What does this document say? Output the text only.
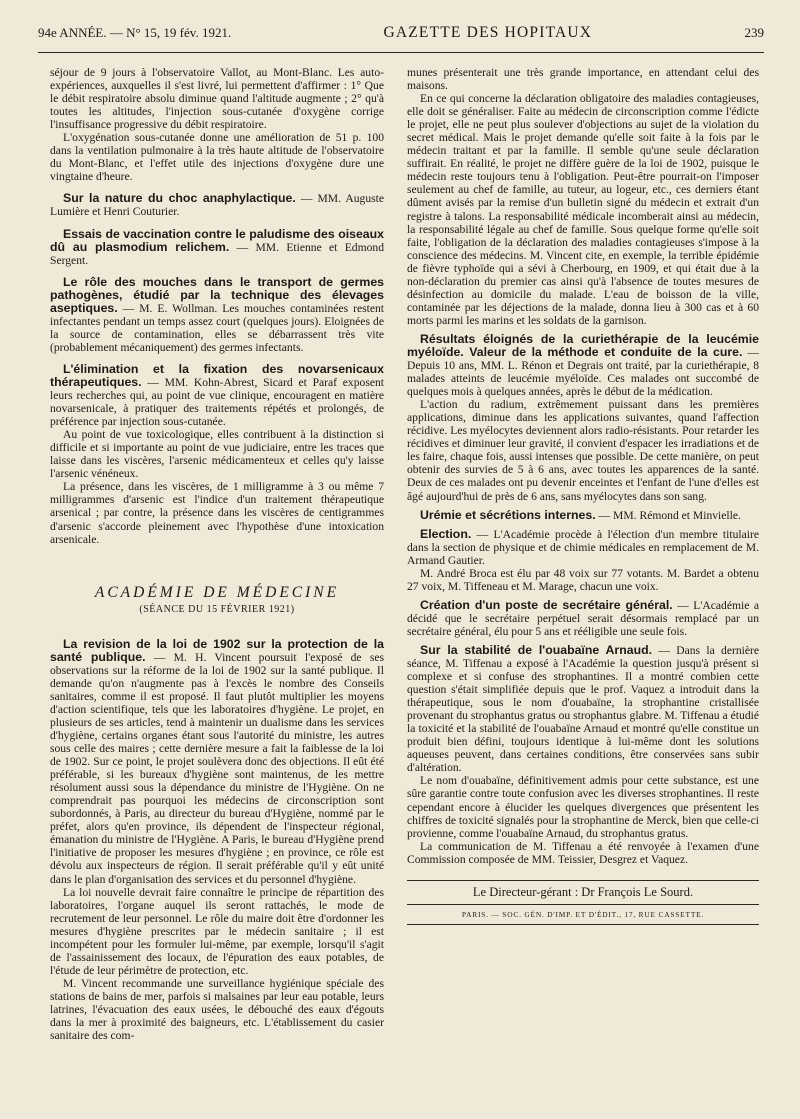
94e ANNÉE. — N° 15, 19 fév. 1921.	GAZETTE DES HOPITAUX	239

séjour de 9 jours à l'observatoire Vallot, au Mont-Blanc. Les auto-expériences, auxquelles il s'est livré, lui permettent d'affirmer : 1° Que le débit respiratoire absolu diminue quand l'altitude augmente ; 2° qu'à toutes les altitudes, l'injection sous-cutanée d'oxygène corrige l'insuffisance progressive du débit respiratoire.

L'oxygénation sous-cutanée donne une amélioration de 51 p. 100 dans la ventilation pulmonaire à la très haute altitude de l'observatoire du Mont-Blanc, et l'effet utile des injections d'oxygène dure une vingtaine d'heure.

Sur la nature du choc anaphylactique. — MM. Auguste Lumière et Henri Couturier.

Essais de vaccination contre le paludisme des oiseaux dû au plasmodium relichem. — MM. Etienne et Edmond Sergent.

Le rôle des mouches dans le transport de germes pathogènes, étudié par la technique des élevages aseptiques. — M. E. Wollman. Les mouches contaminées restent infectantes pendant un temps assez court (quelques jours). Eloignées de la source de contamination, elles se débarrassent très vite (probablement mécaniquement) des germes infectants.

L'élimination et la fixation des novarsenicaux thérapeutiques. — MM. Kohn-Abrest, Sicard et Paraf exposent leurs recherches qui, au point de vue clinique, encouragent en matière novarsenicale, à pratiquer des traitements répétés et prolongés, de préférence par injection sous-cutanée.

Au point de vue toxicologique, elles contribuent à la distinction si difficile et si importante au point de vue judiciaire, entre les traces que laisse dans les viscères, l'arsenic médicamenteux et celles qu'y laisse l'arsenic vénéneux.

La présence, dans les viscères, de 1 milligramme à 3 ou même 7 milligrammes d'arsenic est l'indice d'un traitement thérapeutique arsenical ; par contre, la présence dans les viscères de centigrammes d'arsenic s'accorde pleinement avec l'hypothèse d'une intoxication arsenicale.

ACADÉMIE DE MÉDECINE
(SÉANCE DU 15 FÉVRIER 1921)

La revision de la loi de 1902 sur la protection de la santé publique. — M. H. Vincent poursuit l'exposé de ses observations sur la réforme de la loi de 1902 sur la santé publique. Il demande qu'on n'augmente pas à l'excès le nombre des Conseils sanitaires, comme il est proposé. Il faut plutôt multiplier les moyens d'action scientifique, tels que les laboratoires d'hygiène. Le projet, en plusieurs de ses articles, tend à maintenir un dualisme dans les services d'hygiène, certains organes étant sous l'autorité du ministre, les autres sous celle des maires ; cette dernière mesure a fait la faiblesse de la loi de 1902. Sur ce point, le projet soulèvera donc des objections. Il eût été préférable, si les bureaux d'hygiène sont maintenus, de les mettre résolument aussi sous la dépendance du ministre de l'Hygiène. On ne comprendrait pas pourquoi les médecins de circonscription sont subordonnés, à Paris, au directeur du bureau d'Hygiène, nommé par le préfet, alors qu'en province, ils dépendent de l'inspecteur régional, émanation du ministre de l'Hygiène. A Paris, le bureau d'Hygiène prend l'initiative de proposer les mesures d'hygiène ; en province, ce rôle est dévolu aux inspecteurs de région. Il serait préférable qu'il y eût unité dans le plan d'organisation des services et du personnel d'hygiène.

La loi nouvelle devrait faire connaître le principe de répartition des laboratoires, l'organe auquel ils seront rattachés, le mode de recrutement de leur personnel. Le rôle du maire doit être d'ordonner les mesures d'hygiène prescrites par le médecin sanitaire ; il est incompétent pour les formuler lui-même, par exemple, lorsqu'il s'agit de l'assainissement des locaux, de l'épuration des eaux potables, de l'étude de leur périmètre de protection, etc.

M. Vincent recommande une surveillance hygiénique spéciale des stations de bains de mer, parfois si malsaines par leur eau potable, leurs latrines, l'évacuation des eaux usées, le débouché des eaux d'égouts dans la mer à proximité des baigneurs, etc. L'établissement du casier sanitaire des com-

munes présenterait une très grande importance, en attendant celui des maisons.

En ce qui concerne la déclaration obligatoire des maladies contagieuses, elle doit se généraliser. Faite au médecin de circonscription comme l'édicte le projet, elle ne peut plus soulever d'objections au sujet de la violation du secret médical. Mais le projet demande qu'elle soit faite à la fois par le médecin traitant et par la famille. Il semble qu'une seule déclaration suffirait. En réalité, le projet ne diffère guère de la loi de 1902, puisque le médecin reste toujours tenu à l'obligation. Peut-être pourrait-on l'imposer seulement au chef de famille, au tuteur, au logeur, etc., ces derniers étant dûment avisés par la remise d'un bulletin signé du médecin et extrait d'un registre à talons. La responsabilité médicale incomberait ainsi au médecin, la responsabilité légale au chef de famille. Sous quelque forme qu'elle soit faite, l'obligation de la déclaration des maladies contagieuses s'impose à la conscience des médecins. M. Vincent cite, en exemple, la terrible épidémie de fièvre typhoïde qui a sévi à Cherbourg, en 1909, et qui était due à la non-déclaration du premier cas ainsi qu'à l'absence de toutes mesures de désinfection au domicile du malade. L'eau de boisson de la ville, contaminée par les déjections de la malade, donna lieu à 300 cas et à 60 morts parmi les marins et les soldats de la garnison.

Résultats éloignés de la curiethérapie de la leucémie myéloïde. Valeur de la méthode et conduite de la cure. — Depuis 10 ans, MM. L. Rénon et Degrais ont traité, par la curiethérapie, 8 malades atteints de leucémie myéloïde. Ces malades ont succombé de quelques mois à quelques années, après le début de la médication.

L'action du radium, extrêmement puissant dans les premières applications, diminue dans les applications suivantes, quand l'affection récidive. Les myélocytes deviennent alors radio-résistants. Pour retarder les récidives et diminuer leur gravité, il convient d'espacer les irradiations et de les faire, chaque fois, aussi intenses que possible. De cette manière, on peut obtenir des survies de 5 à 6 ans, avec toutes les apparences de la santé. Deux de ces malades ont pu devenir enceintes et l'enfant de l'une d'elles est âgé aujourd'hui de près de 6 ans, sans myélocytes dans son sang.

Urémie et sécrétions internes. — MM. Rémond et Minvielle.

Election. — L'Académie procède à l'élection d'un membre titulaire dans la section de physique et de chimie médicales en remplacement de M. Armand Gautier.

M. André Broca est élu par 48 voix sur 77 votants. M. Bardet a obtenu 27 voix, M. Tiffeneau et M. Marage, chacun une voix.

Création d'un poste de secrétaire général. — L'Académie a décidé que le secrétaire perpétuel serait désormais remplacé par un secrétaire général, élu pour 5 ans et rééligible une seule fois.

Sur la stabilité de l'ouabaïne Arnaud. — Dans la dernière séance, M. Tiffenau a exposé à l'Académie la question jusqu'à présent si complexe et si confuse des strophantines. Il a montré combien cette question s'était simplifiée depuis que le prof. Vaquez a introduit dans la thérapeutique, sous le nom d'ouabaïne, la strophantine cristallisée provenant du strophantus gratus ou strophantus glabre. M. Tiffenau a étudié la toxicité et la stabilité de l'ouabaïne Arnaud et montré qu'elle constitue un produit bien défini, toujours identique à lui-même dont les solutions aqueuses peuvent, dans certaines conditions, être conservées sans subir d'altération.

Le nom d'ouabaïne, définitivement admis pour cette substance, est une sûre garantie contre toute confusion avec les diverses strophantines. Il reste cependant encore à élucider les quelques divergences que présentent les chiffres de toxicité signalés pour la strophantine de Merck, bien que celle-ci provienne, comme l'ouabaïne Arnaud, du strophantus gratus.

La communication de M. Tiffenau a été renvoyée à l'examen d'une Commission composée de MM. Teissier, Desgrez et Vaquez.

Le Directeur-gérant : Dr François Le Sourd.
PARIS. — SOC. GÉN. D'IMP. ET D'ÉDIT., 17, RUE CASSETTE.
